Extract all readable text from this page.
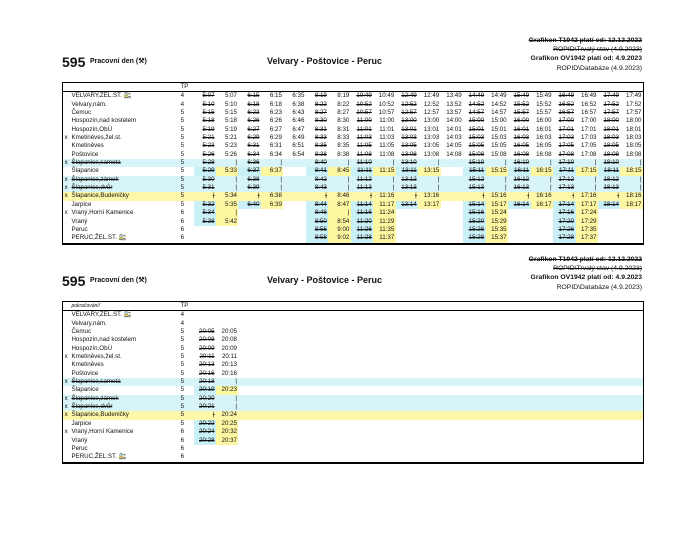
595 Pracovní den (⚒)	Velvary - Poštovice - Peruc
Grafikon T1942 platí od: 12.12.2022
ROPID\Trvalý stav (4.9.2023)
Grafikon OV1942 platí od: 4.9.2023
ROPID\Databáze (4.9.2023)
		TP																				
	VELVARY,ŽEL.ST. 🚉	4	5:07	5:07	6:15	6:15	6:35	8:19	8:19	10:49	10:49	12:49	12:49	13:49	14:49	14:49	15:49	15:49	16:49	16:49	17:49	17:49
	Velvary,nám.	4	5:10	5:10	6:18	6:18	6:38	8:22	8:22	10:52	10:52	12:52	12:52	13:52	14:52	14:52	15:52	15:52	16:52	16:52	17:52	17:52
	Čemuc	5	5:15	5:15	6:23	6:23	6:43	8:27	8:27	10:57	10:57	12:57	12:57	13:57	14:57	14:57	15:57	15:57	16:57	16:57	17:57	17:57
	Hospozín,nad kostelem	5	5:18	5:18	6:26	6:26	6:46	8:30	8:30	11:00	11:00	13:00	13:00	14:00	15:00	15:00	16:00	16:00	17:00	17:00	18:00	18:00
	Hospozín,ObÚ	5	5:19	5:19	6:27	6:27	6:47	8:31	8:31	11:01	11:01	13:01	13:01	14:01	15:01	15:01	16:01	16:01	17:01	17:01	18:01	18:01
x	Kmetiněves,žel.st.	5	5:21	5:21	6:29	6:29	6:49	8:33	8:33	11:03	11:03	13:03	13:03	14:03	15:03	15:03	16:03	16:03	17:03	17:03	18:03	18:03
	Kmetiněves	5	5:23	5:23	6:31	6:31	6:51	8:35	8:35	11:05	11:05	13:05	13:05	14:05	15:05	15:05	16:05	16:05	17:05	17:05	18:05	18:05
	Poštovice	5	5:26	5:26	6:34	6:34	6:54	8:38	8:38	11:08	11:08	13:08	13:08	14:08	15:08	15:08	16:08	16:08	17:08	17:08	18:08	18:08
x	Šlapanice,samota	5	5:28	|	6:36	|		8:40	|	11:10	|	13:10	|		15:10	|	16:10	|	17:10	|	18:10	|
	Šlapanice	5	5:29	5:33	6:37	6:37		8:41	8:45	11:11	11:15	13:11	13:15		15:11	15:15	16:11	16:15	17:11	17:15	18:11	18:15
x	Šlapanice,zámek	5	5:30	|	6:38	|		8:42	|	11:12	|	13:12	|		15:12	|	16:12	|	17:12	|	18:12	|
x	Šlapanice,dvůr	5	5:31	|	6:39	|		8:43	|	11:13	|	13:13	|		15:13	|	16:13	|	17:13	|	18:13	|
x	Šlapanice,Budeničky	5	|	5:34	|	6:38		|	8:46	|	11:16	|	13:16		|	15:16	|	16:16	|	17:16	|	18:16
	Jarpice	5	5:32	5:35	6:40	6:39		8:44	8:47	11:14	11:17	13:14	13:17		15:14	15:17	16:14	16:17	17:14	17:17	18:14	18:17
x	Vraný,Horní Kamenice	6	5:34	|				8:46	|	11:16	11:24				15:16	15:24			17:16	17:24		
	Vraný	6	5:38	5:42				8:50	8:54	11:20	11:29				15:20	15:29			17:20	17:29		
	Peruc	6						8:56	9:00	11:26	11:35				15:26	15:35			17:26	17:35		
	PERUC,ŽEL.ST. 🚉	6						8:58	9:02	11:28	11:37				15:28	15:37			17:28	17:37		
595 Pracovní den (⚒)	Velvary - Poštovice - Peruc
Grafikon T1942 platí od: 12.12.2022
ROPID\Trvalý stav (4.9.2023)
Grafikon OV1942 platí od: 4.9.2023
ROPID\Databáze (4.9.2023)
	pokračování/	TP																				
	VELVARY,ŽEL.ST. 🚉	4																				
	Velvary,nám.	4																				
	Čemuc	5	20:05	20:05																		
	Hospozín,nad kostelem	5	20:08	20:08																		
	Hospozín,ObÚ	5	20:09	20:09																		
x	Kmetiněves,žel.st.	5	20:11	20:11																		
	Kmetiněves	5	20:13	20:13																		
	Poštovice	5	20:16	20:16																		
x	Šlapanice,samota	5	20:18	|																		
	Šlapanice	5	20:19	20:23																		
x	Šlapanice,zámek	5	20:20	|																		
x	Šlapanice,dvůr	5	20:21	|																		
x	Šlapanice,Budeničky	5	|	20:24																		
	Jarpice	5	20:22	20:25																		
x	Vraný,Horní Kamenice	6	20:24	20:32																		
	Vraný	6	20:28	20:37																		
	Peruc	6																				
	PERUC,ŽEL.ST. 🚉	6																				
